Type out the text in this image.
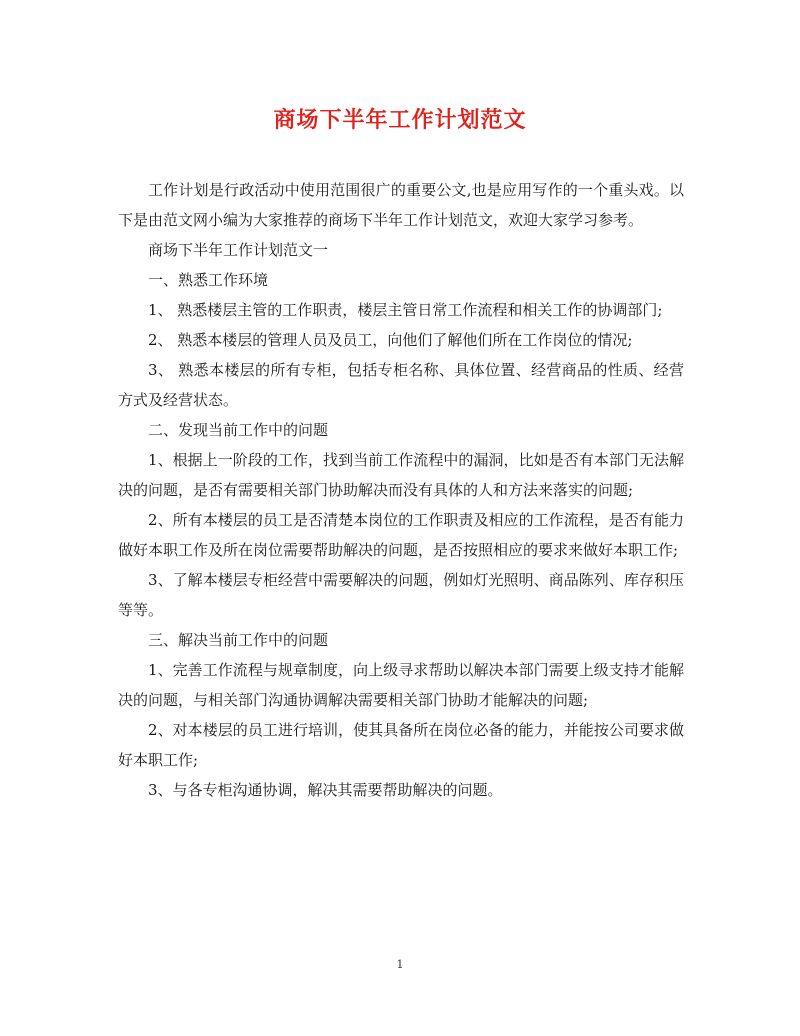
商场下半年工作计划范文

工作计划是行政活动中使用范围很广的重要公文,也是应用写作的一个重头戏。以下是由范文网小编为大家推荐的商场下半年工作计划范文，欢迎大家学习参考。

商场下半年工作计划范文一

一、熟悉工作环境

1、 熟悉楼层主管的工作职责，楼层主管日常工作流程和相关工作的协调部门;

2、 熟悉本楼层的管理人员及员工，向他们了解他们所在工作岗位的情况;

3、 熟悉本楼层的所有专柜，包括专柜名称、具体位置、经营商品的性质、经营方式及经营状态。

二、发现当前工作中的问题

1、根据上一阶段的工作，找到当前工作流程中的漏洞，比如是否有本部门无法解决的问题，是否有需要相关部门协助解决而没有具体的人和方法来落实的问题;

2、所有本楼层的员工是否清楚本岗位的工作职责及相应的工作流程，是否有能力做好本职工作及所在岗位需要帮助解决的问题，是否按照相应的要求来做好本职工作;

3、了解本楼层专柜经营中需要解决的问题，例如灯光照明、商品陈列、库存积压等等。

三、解决当前工作中的问题

1、完善工作流程与规章制度，向上级寻求帮助以解决本部门需要上级支持才能解决的问题，与相关部门沟通协调解决需要相关部门协助才能解决的问题;

2、对本楼层的员工进行培训，使其具备所在岗位必备的能力，并能按公司要求做好本职工作;

3、与各专柜沟通协调，解决其需要帮助解决的问题。

1
